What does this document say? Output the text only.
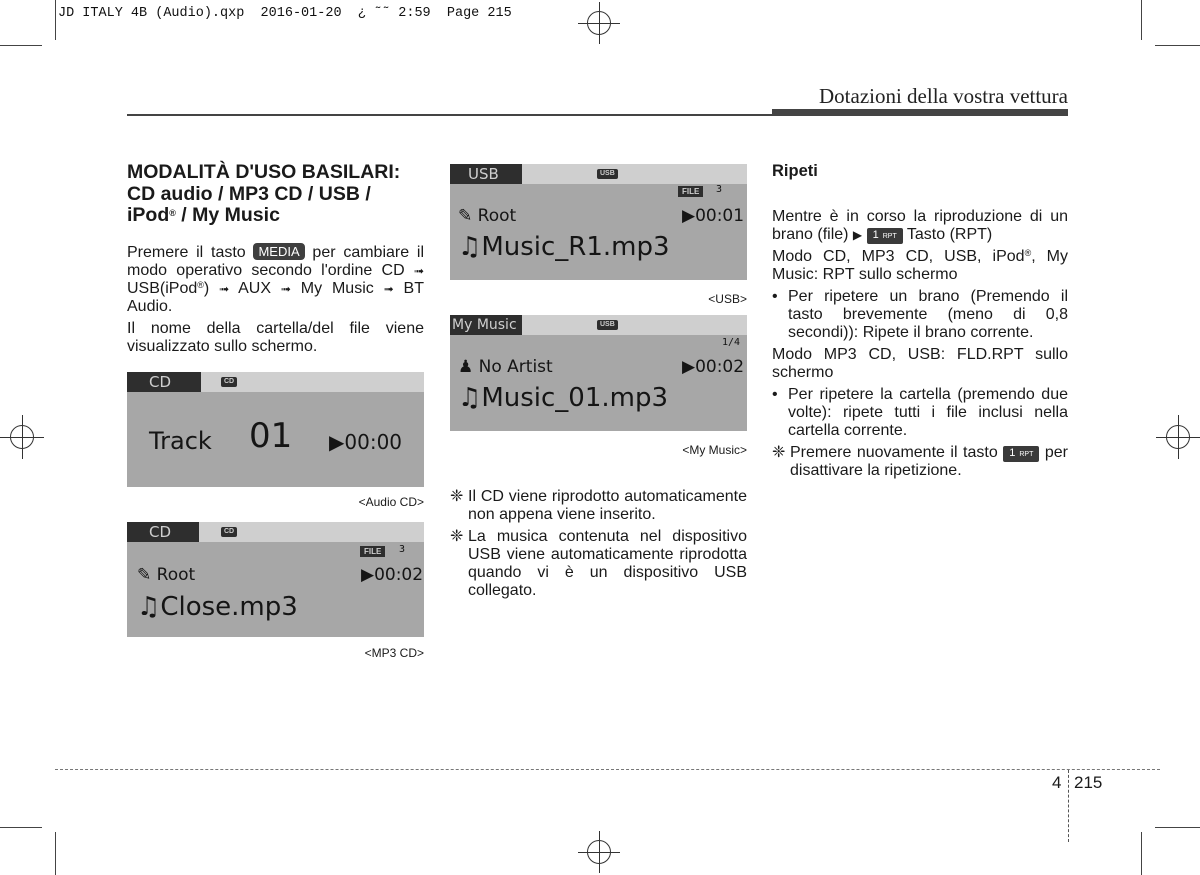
JD ITALY 4B (Audio).qxp  2016-01-20  ¿ ˜˜ 2:59  Page 215
Dotazioni della vostra vettura
MODALITÀ D'USO BASILARI:
CD audio / MP3 CD / USB /
iPod® / My Music

Premere il tasto MEDIA per cambiare il modo operativo secondo l'ordine CD ➟ USB(iPod®) ➟ AUX ➟ My Music ➟ BT Audio.

Il nome della cartella/del file viene visualizzato sullo schermo.

CD	CD
Track 01 ▶00:00
<Audio CD>
CD	CD
FILE	3
✎ Root	▶00:02
♫Close.mp3
<MP3 CD>
USB	USB
FILE	3
✎ Root	▶00:01
♫Music_R1.mp3
<USB>
My Music	USB
1/4
♟ No Artist	▶00:02
♫Music_01.mp3
<My Music>
❈ Il CD viene riprodotto automaticamente non appena viene inserito.
❈ La musica contenuta nel dispositivo USB viene automaticamente riprodotta quando vi è un dispositivo USB collegato.
Ripeti

Mentre è in corso la riproduzione di un brano (file) ▶ 1 RPT Tasto (RPT)

Modo CD, MP3 CD, USB, iPod®, My Music: RPT sullo schermo

• Per ripetere un brano (Premendo il tasto brevemente (meno di 0,8 secondi)): Ripete il brano corrente.

Modo MP3 CD, USB: FLD.RPT sullo schermo

• Per ripetere la cartella (premendo due volte): ripete tutti i file inclusi nella cartella corrente.
❈ Premere nuovamente il tasto 1 RPT per disattivare la ripetizione.
4 215
